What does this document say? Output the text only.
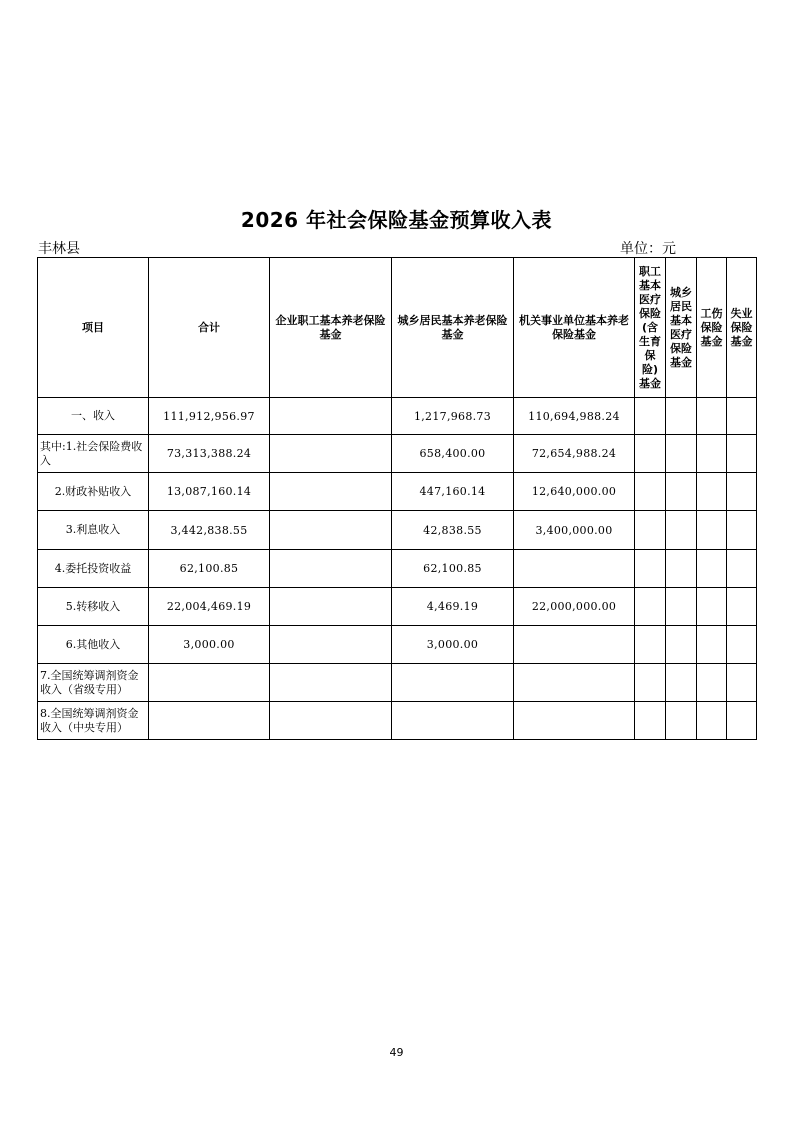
2026 年社会保险基金预算收入表
丰林县	单位：元
项目	合计	企业职工基本养老保险基金	城乡居民基本养老保险基金	机关事业单位基本养老保险基金	职工基本医疗保险(含生育保险)基金	城乡居民基本医疗保险基金	工伤保险基金	失业保险基金
一、收入	111,912,956.97		1,217,968.73	110,694,988.24				
其中:1.社会保险费收入	73,313,388.24		658,400.00	72,654,988.24				
2.财政补贴收入	13,087,160.14		447,160.14	12,640,000.00				
3.利息收入	3,442,838.55		42,838.55	3,400,000.00				
4.委托投资收益	62,100.85		62,100.85					
5.转移收入	22,004,469.19		4,469.19	22,000,000.00				
6.其他收入	3,000.00		3,000.00					
7.全国统筹调剂资金收入（省级专用）								
8.全国统筹调剂资金收入（中央专用）								
49
